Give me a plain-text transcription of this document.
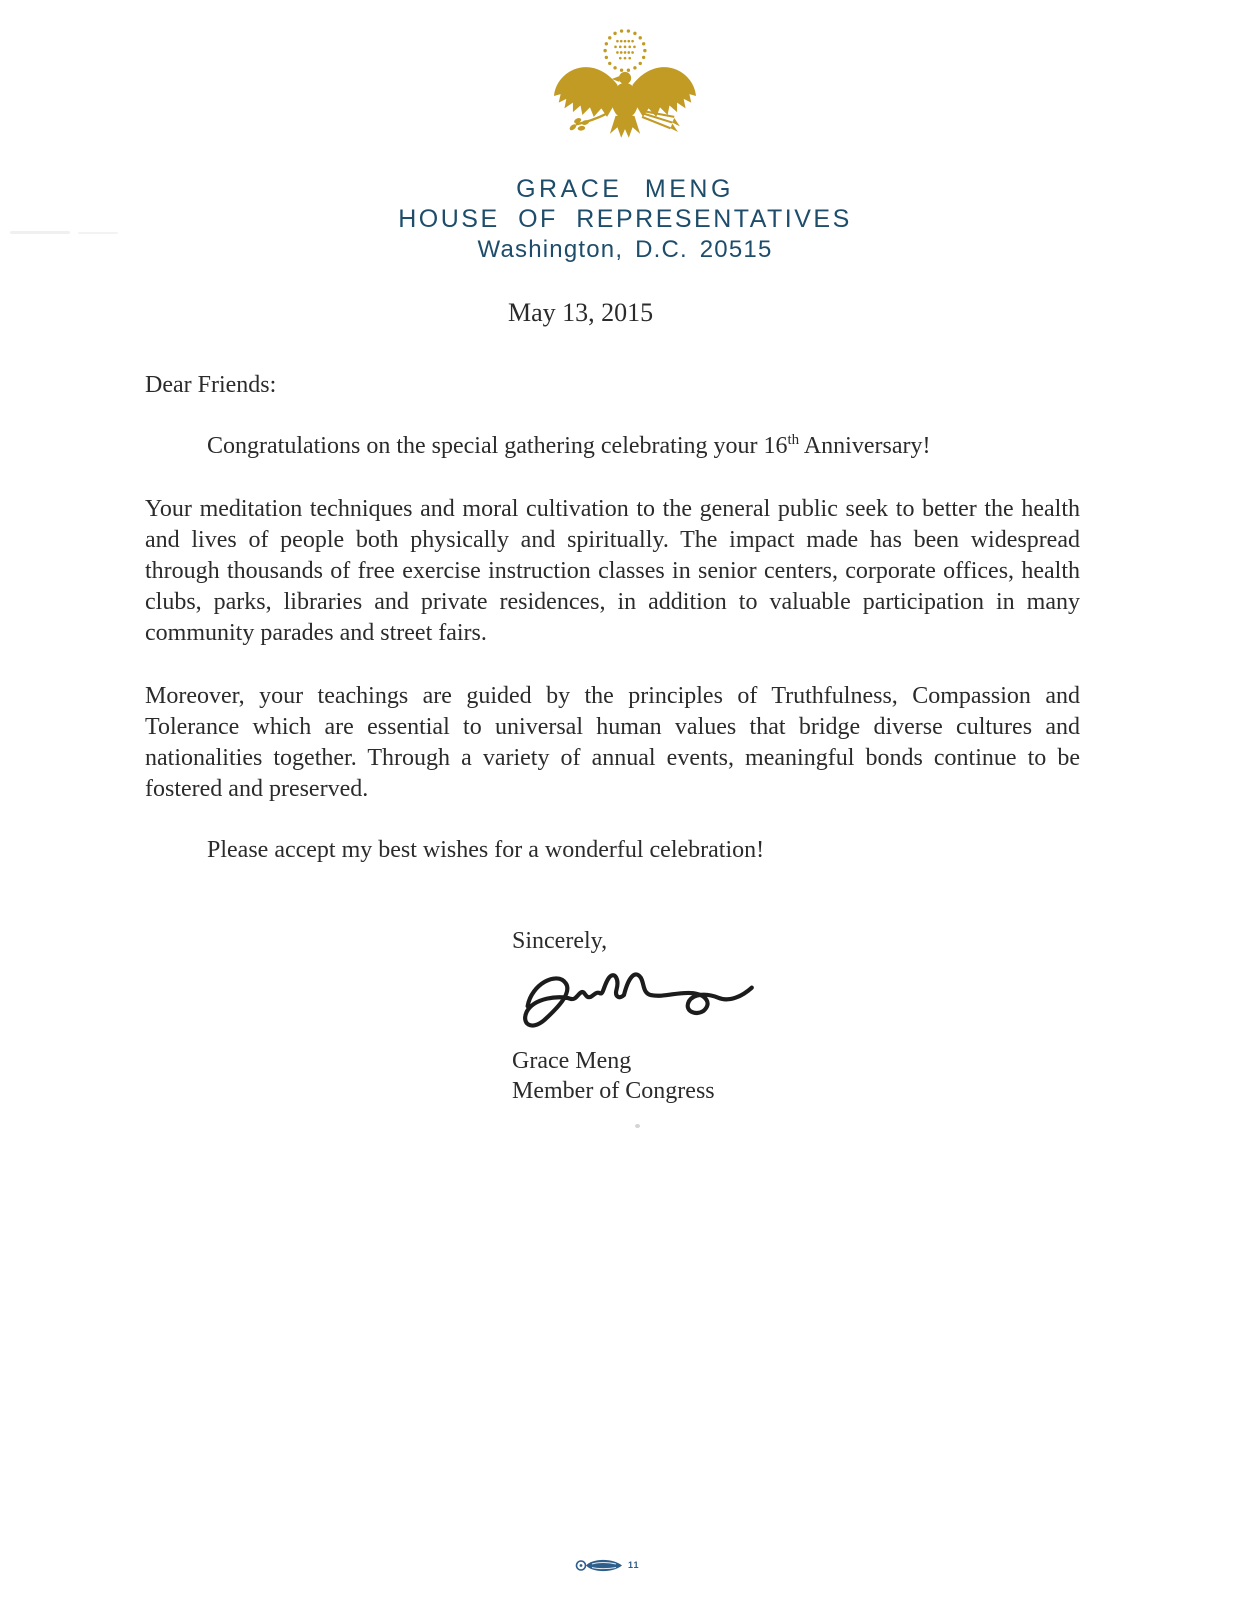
GRACE MENG
HOUSE OF REPRESENTATIVES
Washington, D.C. 20515
May 13, 2015

Dear Friends:

Congratulations on the special gathering celebrating your 16th Anniversary!

Your meditation techniques and moral cultivation to the general public seek to better the health and lives of people both physically and spiritually. The impact made has been widespread through thousands of free exercise instruction classes in senior centers, corporate offices, health clubs, parks, libraries and private residences, in addition to valuable participation in many community parades and street fairs.

Moreover, your teachings are guided by the principles of Truthfulness, Compassion and Tolerance which are essential to universal human values that bridge diverse cultures and nationalities together. Through a variety of annual events, meaningful bonds continue to be fostered and preserved.

Please accept my best wishes for a wonderful celebration!

Sincerely,
Grace Meng
Member of Congress
11
